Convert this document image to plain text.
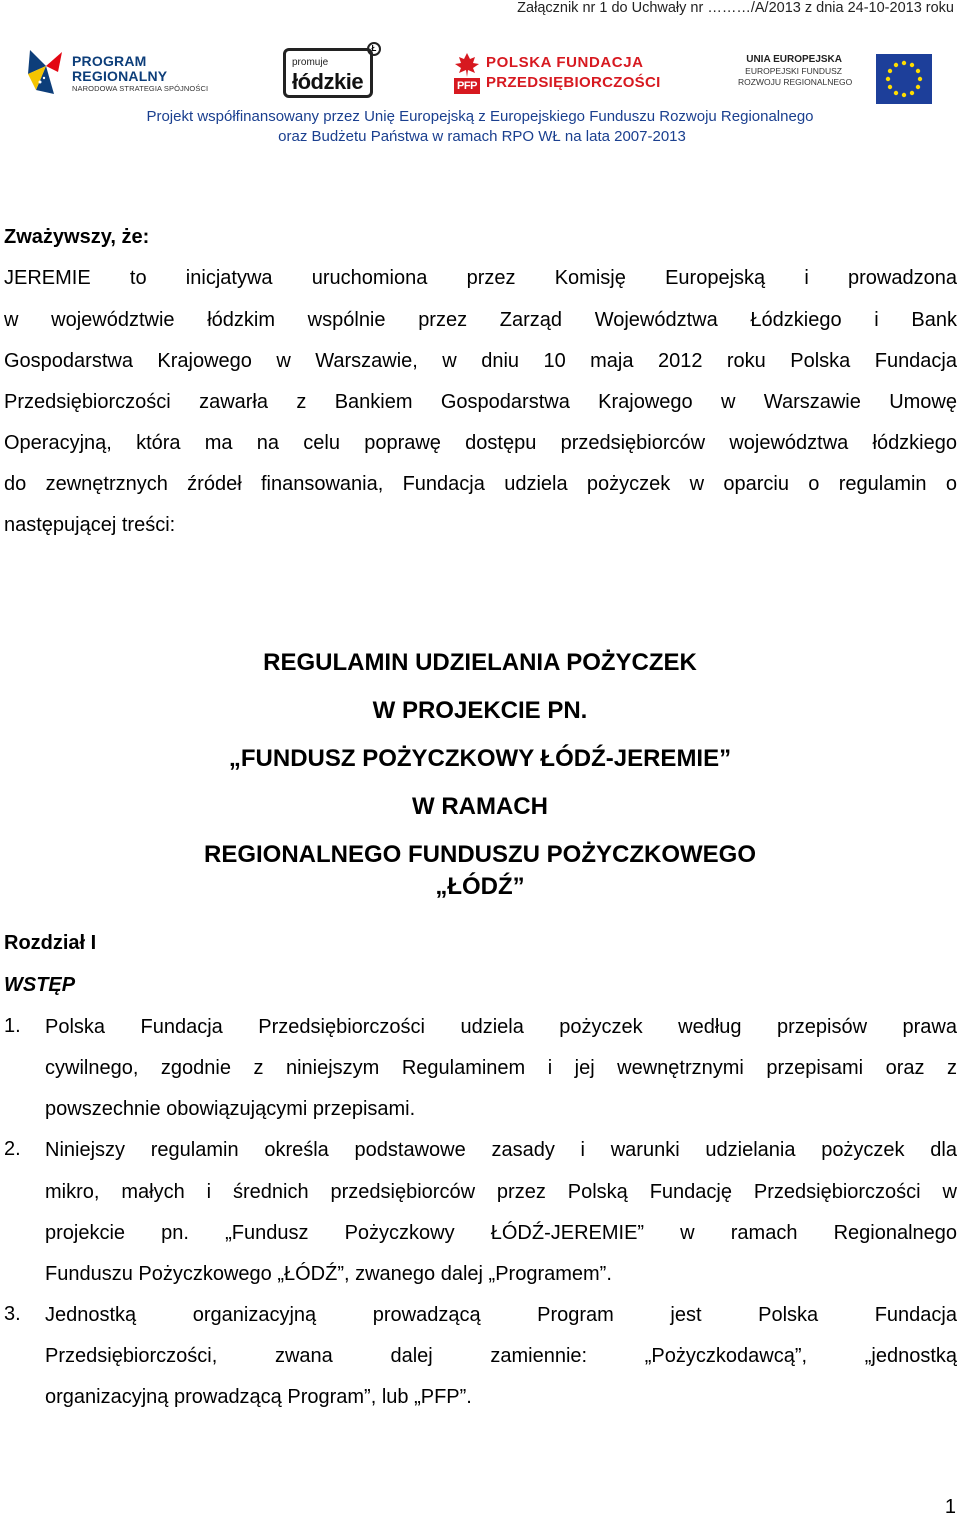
Załącznik nr 1 do Uchwały nr ………/A/2013 z dnia 24-10-2013 roku
PROGRAM
REGIONALNY
NARODOWA STRATEGIA SPÓJNOŚCI
promuje
łódzkie
Ł
PFP
POLSKA FUNDACJA
PRZEDSIĘBIORCZOŚCI
UNIA EUROPEJSKA
EUROPEJSKI FUNDUSZ
ROZWOJU REGIONALNEGO
Projekt współfinansowany przez Unię Europejską z Europejskiego Funduszu Rozwoju Regionalnego
oraz Budżetu Państwa w ramach RPO WŁ na lata 2007-2013
Zważywszy, że:
JEREMIE to inicjatywa uruchomiona przez Komisję Europejską i prowadzona
w województwie łódzkim wspólnie przez Zarząd Województwa Łódzkiego i Bank
Gospodarstwa Krajowego w Warszawie, w dniu 10 maja 2012 roku Polska Fundacja
Przedsiębiorczości zawarła z Bankiem Gospodarstwa Krajowego w Warszawie Umowę
Operacyjną, która ma na celu poprawę dostępu przedsiębiorców województwa łódzkiego
do zewnętrznych źródeł finansowania, Fundacja udziela pożyczek w oparciu o regulamin o
następującej treści:
REGULAMIN UDZIELANIA POŻYCZEK
W PROJEKCIE PN.
„FUNDUSZ POŻYCZKOWY ŁÓDŹ-JEREMIE”
W RAMACH
REGIONALNEGO FUNDUSZU POŻYCZKOWEGO
„ŁÓDŹ”
Rozdział I
WSTĘP
1. Polska Fundacja Przedsiębiorczości udziela pożyczek według przepisów prawa
cywilnego, zgodnie z niniejszym Regulaminem i jej wewnętrznymi przepisami oraz z
powszechnie obowiązującymi przepisami.
2. Niniejszy regulamin określa podstawowe zasady i warunki udzielania pożyczek dla
mikro, małych i średnich przedsiębiorców przez Polską Fundację Przedsiębiorczości w
projekcie pn. „Fundusz Pożyczkowy ŁÓDŹ-JEREMIE” w ramach Regionalnego
Funduszu Pożyczkowego „ŁÓDŹ”, zwanego dalej „Programem”.
3. Jednostką organizacyjną prowadzącą Program jest Polska Fundacja
Przedsiębiorczości, zwana dalej zamiennie: „Pożyczkodawcą”, „jednostką
organizacyjną prowadzącą Program”, lub „PFP”.
1
